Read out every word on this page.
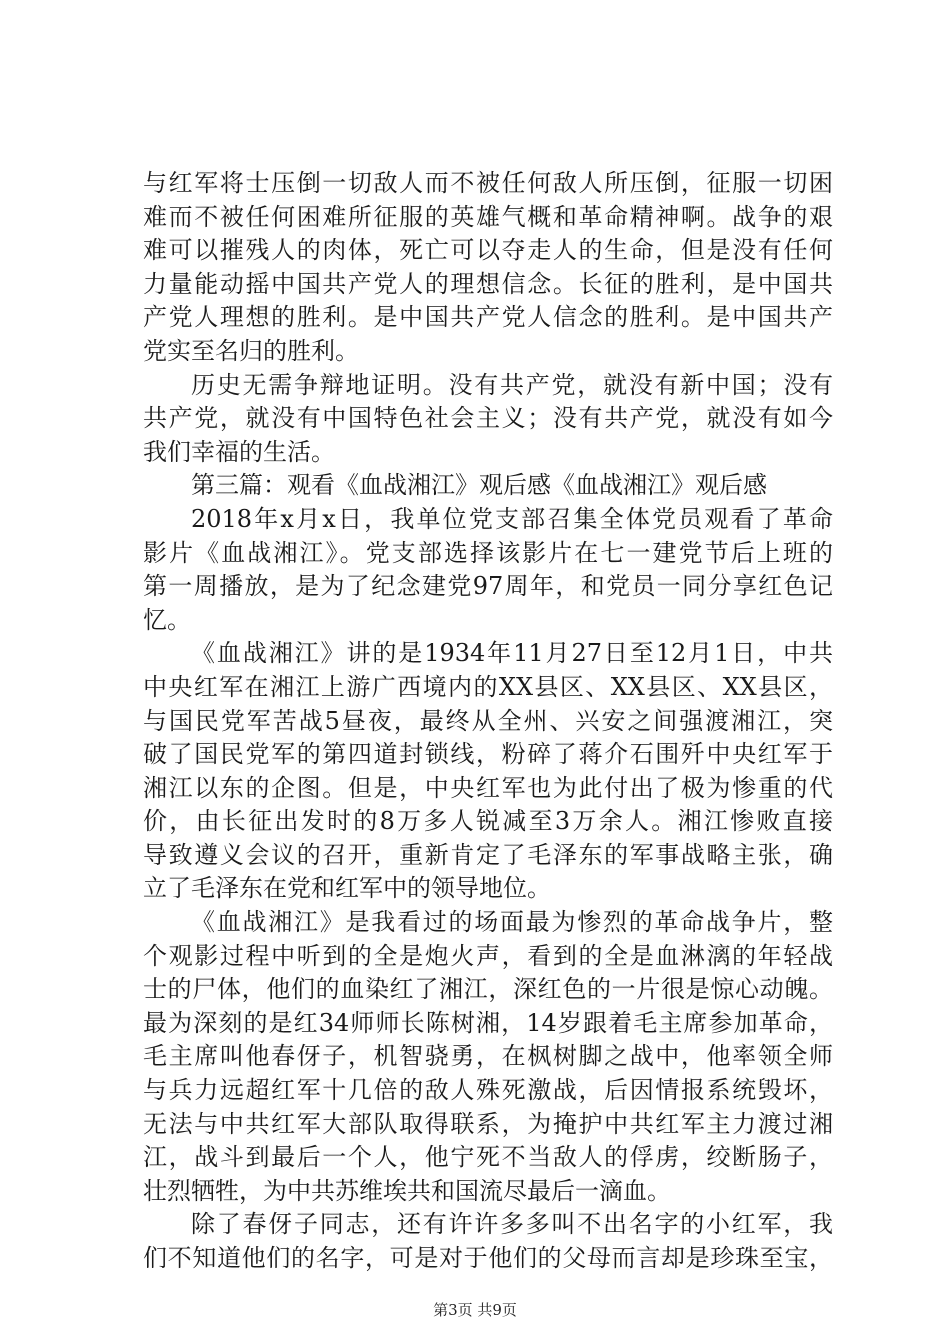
与红军将士压倒一切敌人而不被任何敌人所压倒，征服一切困
难而不被任何困难所征服的英雄气概和革命精神啊。战争的艰
难可以摧残人的肉体，死亡可以夺走人的生命，但是没有任何
力量能动摇中国共产党人的理想信念。长征的胜利，是中国共
产党人理想的胜利。是中国共产党人信念的胜利。是中国共产
党实至名归的胜利。
历史无需争辩地证明。没有共产党，就没有新中国；没有
共产党，就没有中国特色社会主义；没有共产党，就没有如今
我们幸福的生活。
第三篇：观看《血战湘江》观后感《血战湘江》观后感
2018年x月x日，我单位党支部召集全体党员观看了革命
影片《血战湘江》。党支部选择该影片在七一建党节后上班的
第一周播放，是为了纪念建党97周年，和党员一同分享红色记
忆。
《血战湘江》讲的是1934年11月27日至12月1日，中共
中央红军在湘江上游广西境内的XX县区、XX县区、XX县区，
与国民党军苦战5昼夜，最终从全州、兴安之间强渡湘江，突
破了国民党军的第四道封锁线，粉碎了蒋介石围歼中央红军于
湘江以东的企图。但是，中央红军也为此付出了极为惨重的代
价，由长征出发时的8万多人锐减至3万余人。湘江惨败直接
导致遵义会议的召开，重新肯定了毛泽东的军事战略主张，确
立了毛泽东在党和红军中的领导地位。
《血战湘江》是我看过的场面最为惨烈的革命战争片，整
个观影过程中听到的全是炮火声，看到的全是血淋漓的年轻战
士的尸体，他们的血染红了湘江，深红色的一片很是惊心动魄。
最为深刻的是红34师师长陈树湘，14岁跟着毛主席参加革命，
毛主席叫他春伢子，机智骁勇，在枫树脚之战中，他率领全师
与兵力远超红军十几倍的敌人殊死激战，后因情报系统毁坏，
无法与中共红军大部队取得联系，为掩护中共红军主力渡过湘
江，战斗到最后一个人，他宁死不当敌人的俘虏，绞断肠子，
壮烈牺牲，为中共苏维埃共和国流尽最后一滴血。
除了春伢子同志，还有许许多多叫不出名字的小红军，我
们不知道他们的名字，可是对于他们的父母而言却是珍珠至宝，
第3页 共9页
